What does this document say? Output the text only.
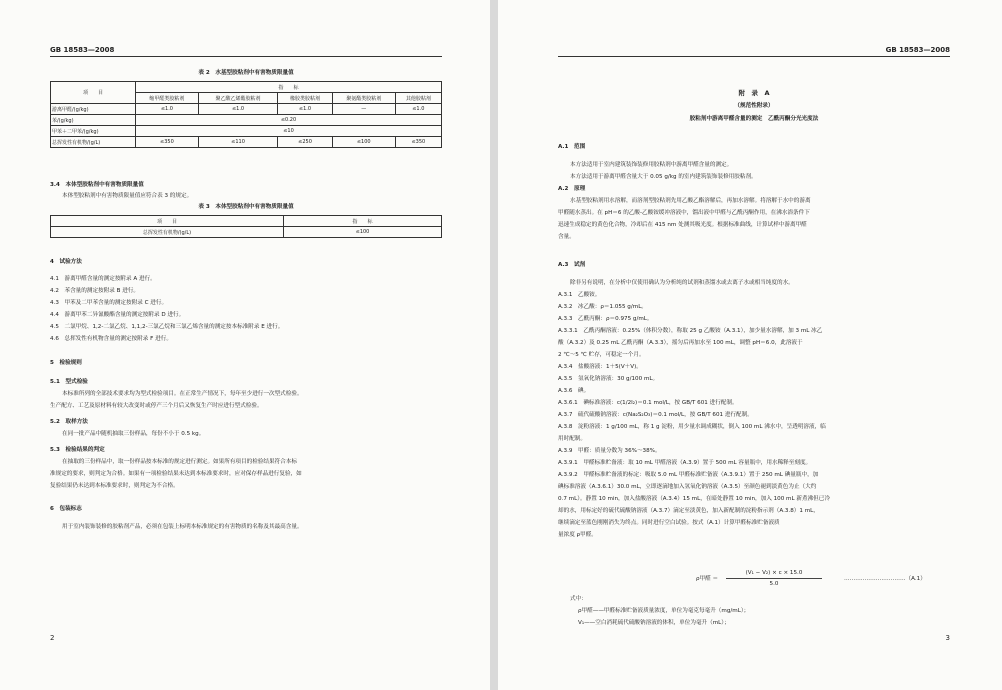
GB 18583—2008
表 2　水基型胶粘剂中有害物质限量值
项　　目	指　　标				
	缩甲醛类胶粘剂	聚乙酸乙烯酯胶粘剂	橡胶类胶粘剂	聚氨酯类胶粘剂	其他胶粘剂
游离甲醛/(g/kg)	≤1.0	≤1.0	≤1.0	—	≤1.0
苯/(g/kg)	≤0.20				
甲苯＋二甲苯/(g/kg)	≤10				
总挥发性有机物/(g/L)	≤350	≤110	≤250	≤100	≤350
3.4　本体型胶粘剂中有害物质限量值
本体型胶粘剂中有害物质限量值应符合表 3 的规定。
表 3　本体型胶粘剂中有害物质限量值
项　　目	指　　标
总挥发性有机物/(g/L)	≤100
4　试验方法
4.1　游离甲醛含量的测定按附录 A 进行。
4.2　苯含量的测定按附录 B 进行。
4.3　甲苯及二甲苯含量的测定按附录 C 进行。
4.4　游离甲苯二异氰酸酯含量的测定按附录 D 进行。
4.5　二氯甲烷、1,2-二氯乙烷、1,1,2-三氯乙烷和三氯乙烯含量的测定按本标准附录 E 进行。
4.6　总挥发性有机物含量的测定按附录 F 进行。
5　检验规则
5.1　型式检验
本标准所列的全部技术要求均为型式检验项目。在正常生产情况下，每年至少进行一次型式检验。
生产配方、工艺及原材料有较大改变时或停产三个月后又恢复生产时应进行型式检验。
5.2　取样方法
在同一批产品中随机抽取三份样品，每份不小于 0.5 kg。
5.3　检验结果的判定
在抽取的三份样品中，取一份样品按本标准的规定进行测定。如果所有项目的检验结果符合本标
准规定的要求，则判定为合格。如果有一项检验结果未达到本标准要求时，应对保存样品进行复验，如
复验结果仍未达到本标准要求时，则判定为不合格。
6　包装标志
用于室内装饰装修的胶粘剂产品，必须在包装上标明本标准规定的有害物质的名称及其最高含量。
2
GB 18583—2008
附　录　A
（规范性附录）
胶粘剂中游离甲醛含量的测定　乙酰丙酮分光光度法
A.1　范围
本方法适用于室内建筑装饰装修用胶粘剂中游离甲醛含量的测定。
本方法适用于游离甲醛含量大于 0.05 g/kg 的室内建筑装饰装修用胶粘剂。
A.2　原理
水基型胶粘剂用水溶解，而溶剂型胶粘剂先用乙酸乙酯溶解后，再加水溶解。将溶解于水中的游离
甲醛随水蒸出。在 pH＝6 的乙酸-乙酸铵缓冲溶液中，馏出液中甲醛与乙酰丙酮作用，在沸水浴条件下
迅速生成稳定的黄色化合物，冷却后在 415 nm 处测其吸光度。根据标准曲线，计算试样中游离甲醛
含量。
A.3　试剂
除非另有说明，在分析中仅使用确认为分析纯的试剂和蒸馏水或去离子水或相当纯度的水。
A.3.1　乙酸铵。
A.3.2　冰乙酸：ρ＝1.055 g/mL。
A.3.3　乙酰丙酮：ρ＝0.975 g/mL。
A.3.3.1　乙酰丙酮溶液：0.25%（体积分数），称取 25 g 乙酸铵（A.3.1），加少量水溶解，加 3 mL 冰乙
酸（A.3.2）及 0.25 mL 乙酰丙酮（A.3.3），摇匀后再加水至 100 mL，调整 pH＝6.0，此溶液于
2 ℃～5 ℃ 贮存，可稳定一个月。
A.3.4　盐酸溶液：1＋5(V＋V)。
A.3.5　氢氧化钠溶液：30 g/100 mL。
A.3.6　碘。
A.3.6.1　碘标准溶液：c(1/2I₂)＝0.1 mol/L，按 GB/T 601 进行配制。
A.3.7　硫代硫酸钠溶液：c(Na₂S₂O₃)＝0.1 mol/L，按 GB/T 601 进行配制。
A.3.8　淀粉溶液：1 g/100 mL，称 1 g 淀粉，用少量水调成糊状，倒入 100 mL 沸水中，呈透明溶液，临
用时配制。
A.3.9　甲醛：质量分数为 36%～38%。
A.3.9.1　甲醛标准贮备液：取 10 mL 甲醛溶液（A.3.9）置于 500 mL 容量瓶中，用水稀释至刻度。
A.3.9.2　甲醛标准贮备液的标定：吸取 5.0 mL 甲醛标准贮备液（A.3.9.1）置于 250 mL 碘量瓶中，加
碘标准溶液（A.3.6.1）30.0 mL，立即逐滴地加入氢氧化钠溶液（A.3.5）至颜色褪到淡黄色为止（大约
0.7 mL）。静置 10 min，加入盐酸溶液（A.3.4）15 mL，在暗处静置 10 min，加入 100 mL 新煮沸但已冷
却的水，用标定好的硫代硫酸钠溶液（A.3.7）滴定至淡黄色，加入新配制的淀粉指示剂（A.3.8）1 mL，
继续滴定至蓝色刚刚消失为终点。同时进行空白试验。按式（A.1）计算甲醛标准贮备液质
量浓度 ρ甲醛。
ρ甲醛 ＝
(V₁ − V₂) × c × 15.0
5.0
……………………………（A.1）
式中：
ρ甲醛——甲醛标准贮备液质量浓度，单位为毫克每毫升（mg/mL）；
V₁——空白消耗硫代硫酸钠溶液的体积，单位为毫升（mL）；
3
